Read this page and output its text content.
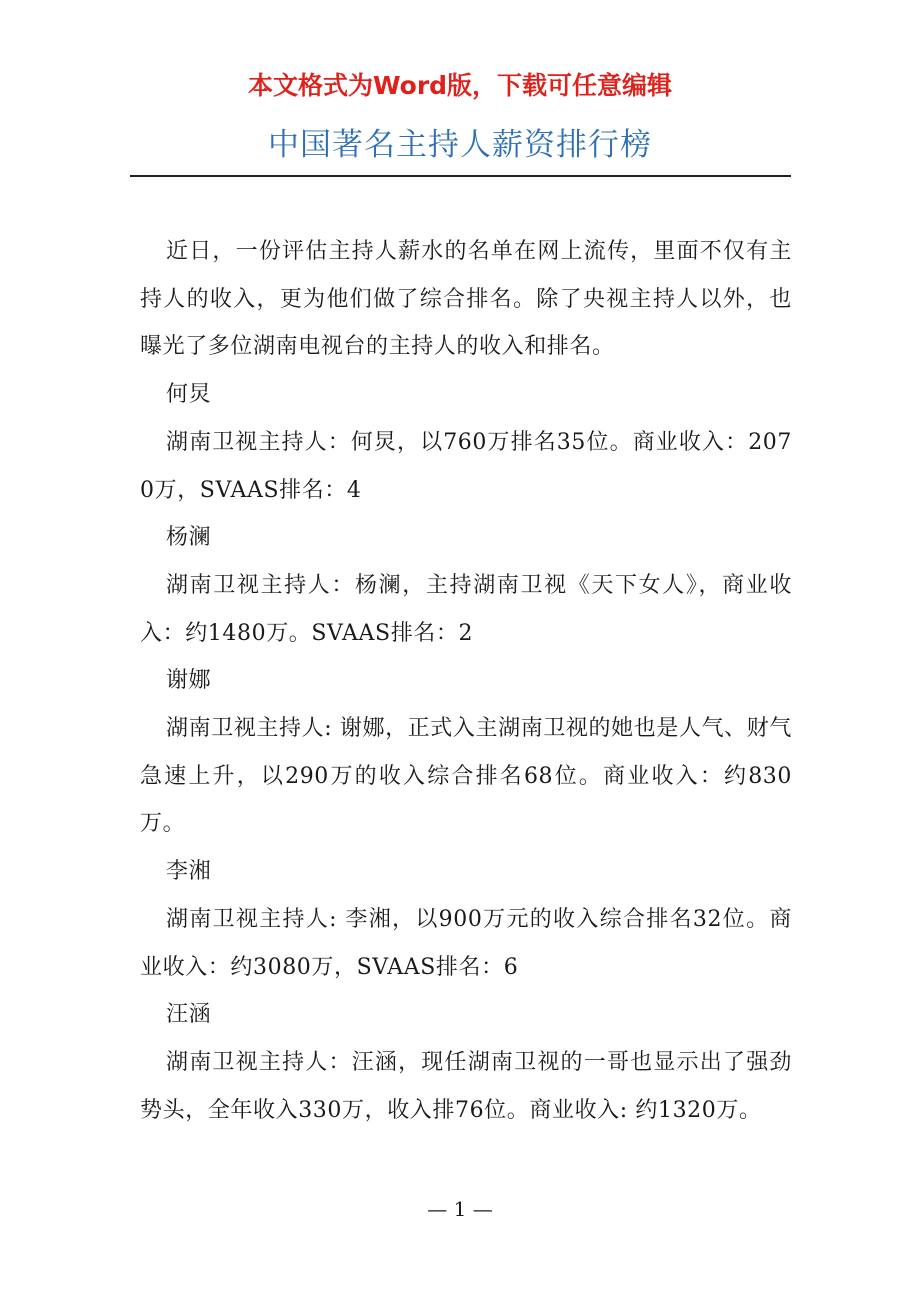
本文格式为Word版，下载可任意编辑
中国著名主持人薪资排行榜

近日，一份评估主持人薪水的名单在网上流传，里面不仅有主持人的收入，更为他们做了综合排名。除了央视主持人以外，也曝光了多位湖南电视台的主持人的收入和排名。

何炅

湖南卫视主持人：何炅，以760万排名35位。商业收入：2070万，SVAAS排名：4

杨澜

湖南卫视主持人：杨澜，主持湖南卫视《天下女人》，商业收入：约1480万。SVAAS排名：2

谢娜

湖南卫视主持人: 谢娜，正式入主湖南卫视的她也是人气、财气急速上升，以290万的收入综合排名68位。商业收入：约830万。

李湘

湖南卫视主持人: 李湘，以900万元的收入综合排名32位。商业收入：约3080万，SVAAS排名：6

汪涵

湖南卫视主持人：汪涵，现任湖南卫视的一哥也显示出了强劲势头，全年收入330万，收入排76位。商业收入: 约1320万。

— 1 —
